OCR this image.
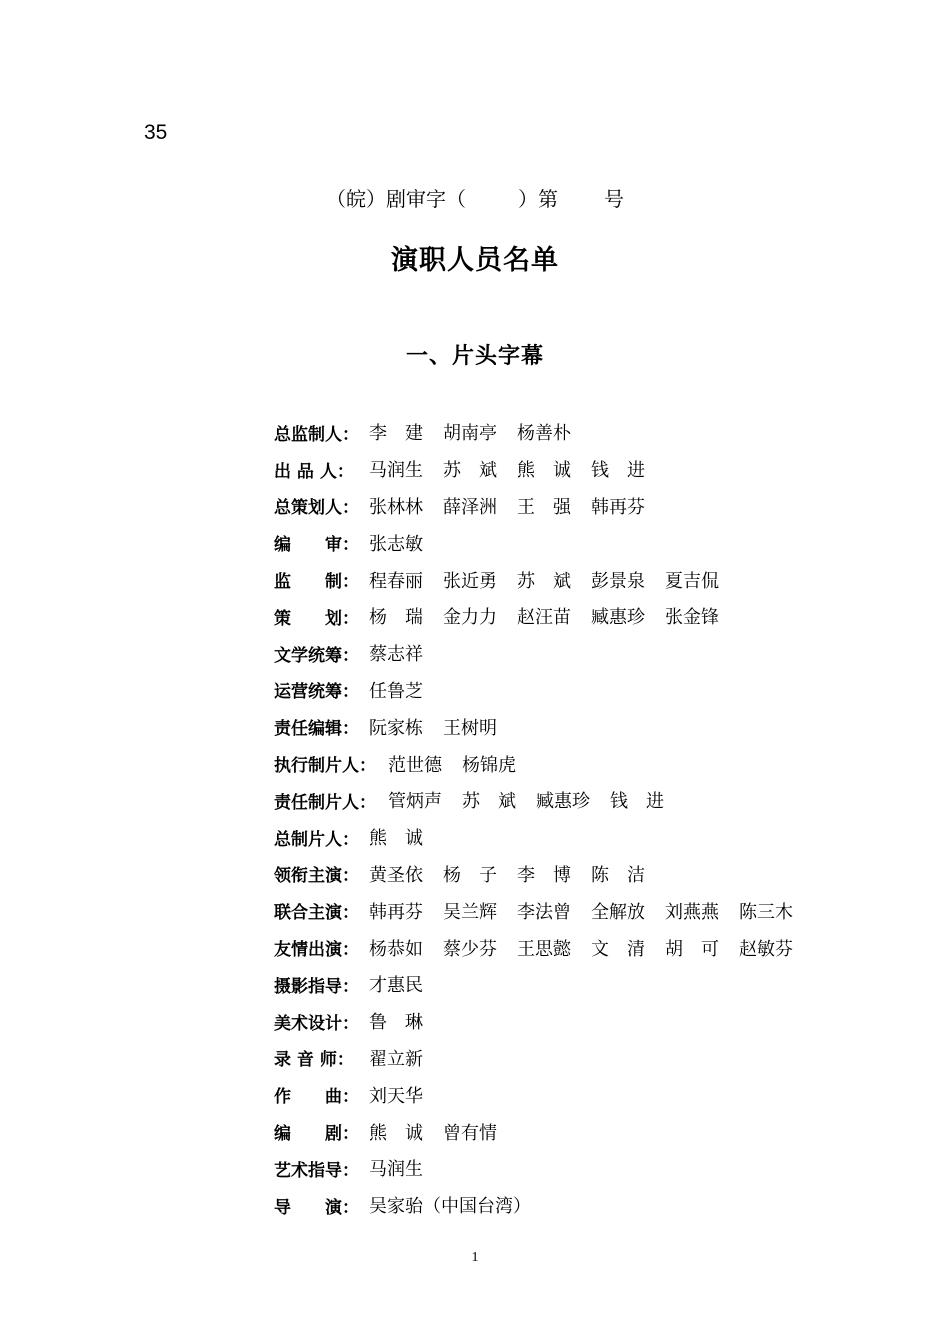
35
（皖）剧审字（	）第 号
演职人员名单
一、片头字幕
总监制人： 李　建 胡南亭 杨善朴
出 品 人： 马润生 苏　斌 熊　诚 钱　进
总策划人： 张林林 薛泽洲 王　强 韩再芬
编　　审： 张志敏
监　　制： 程春丽 张近勇 苏　斌 彭景泉 夏吉侃
策　　划： 杨　瑞 金力力 赵汪苗 臧惠珍 张金锋
文学统筹： 蔡志祥
运营统筹： 任鲁芝
责任编辑： 阮家栋 王树明
执行制片人： 范世德 杨锦虎
责任制片人： 管炳声 苏　斌 臧惠珍 钱　进
总制片人： 熊　诚
领衔主演： 黄圣依 杨　子 李　博 陈　洁
联合主演： 韩再芬 吴兰辉 李法曾 全解放 刘燕燕 陈三木
友情出演： 杨恭如 蔡少芬 王思懿 文　清 胡　可 赵敏芬
摄影指导： 才惠民
美术设计： 鲁　琳
录 音 师： 翟立新
作　　曲： 刘天华
编　　剧： 熊　诚 曾有情
艺术指导： 马润生
导　　演： 吴家骀（中国台湾）
1
